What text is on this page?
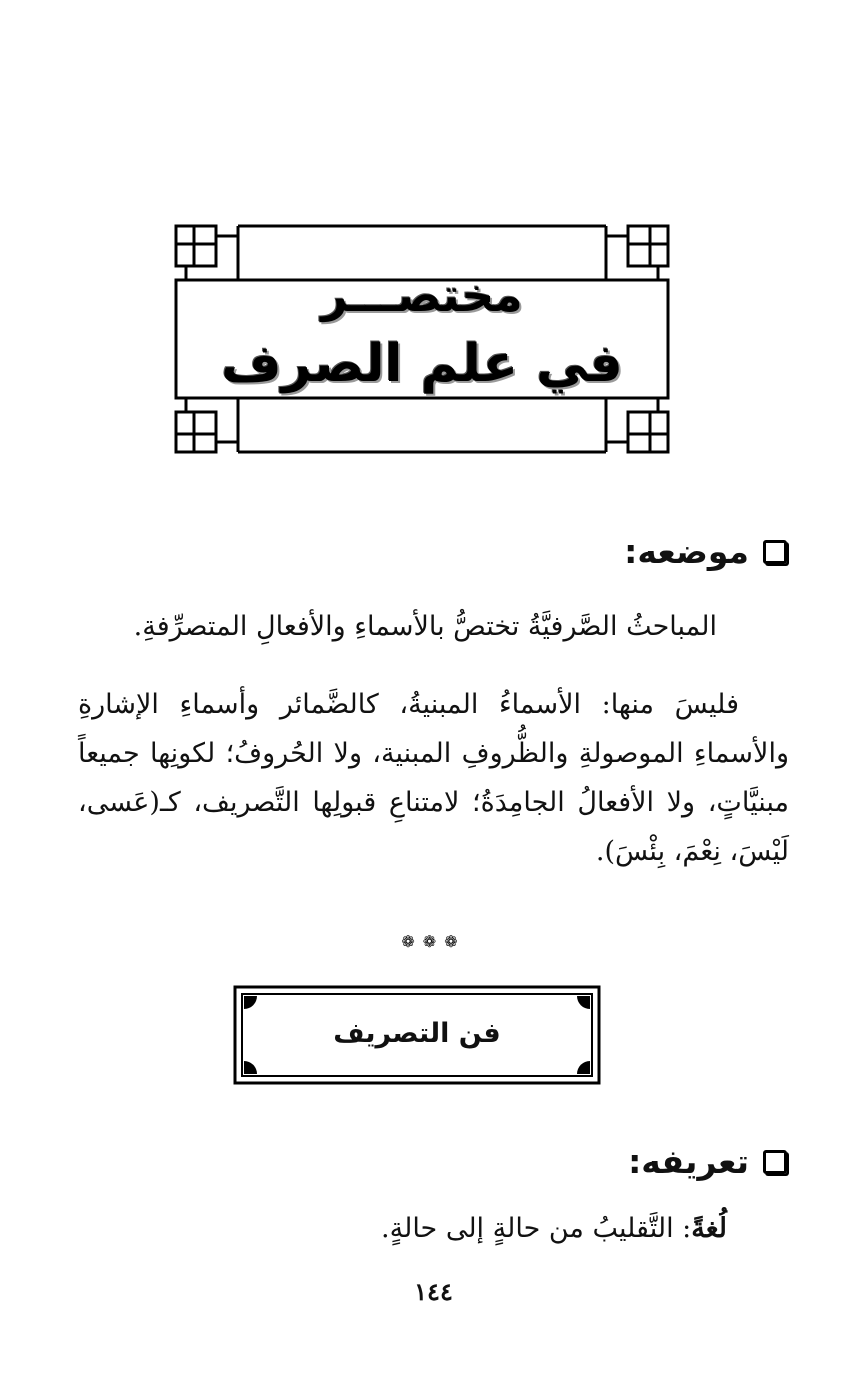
مختصـــر
في علم الصرف
موضعه:
المباحثُ الصَّرفيَّةُ تختصُّ بالأسماءِ والأفعالِ المتصرِّفةِ.
فليسَ منها: الأسماءُ المبنيةُ، كالضَّمائر وأسماءِ الإشارةِ والأسماءِ الموصولةِ والظُّروفِ المبنية، ولا الحُروفُ؛ لكونِها جميعاً مبنيَّاتٍ، ولا الأفعالُ الجامِدَةُ؛ لامتناعِ قبولِها التَّصريف، كـ(عَسى، لَيْسَ، نِعْمَ، بِئْسَ).
❁❁❁
فن التصريف
تعريفه:
لُغةً: التَّقليبُ من حالةٍ إلى حالةٍ.
١٤٤
